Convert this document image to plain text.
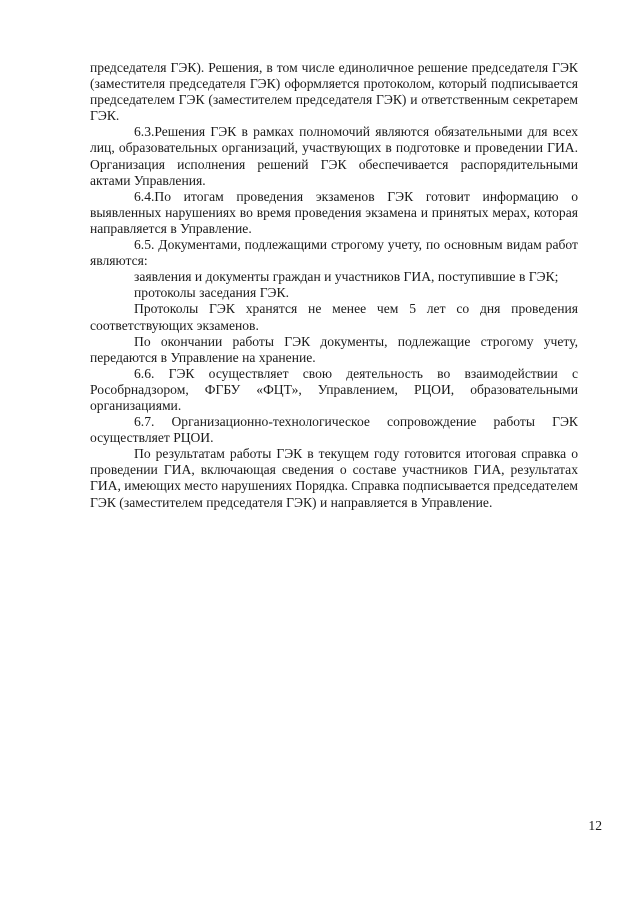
председателя ГЭК). Решения, в том числе единоличное решение председателя ГЭК (заместителя председателя ГЭК) оформляется протоколом, который подписывается председателем ГЭК (заместителем председателя ГЭК) и ответственным секретарем ГЭК.

6.3.Решения ГЭК в рамках полномочий являются обязательными для всех лиц, образовательных организаций, участвующих в подготовке и проведении ГИА. Организация исполнения решений ГЭК обеспечивается распорядительными актами Управления.

6.4.По итогам проведения экзаменов ГЭК готовит информацию о выявленных нарушениях во время проведения экзамена и принятых мерах, которая направляется в Управление.

6.5. Документами, подлежащими строгому учету, по основным видам работ являются:

заявления и документы граждан и участников ГИА, поступившие в ГЭК;

протоколы заседания ГЭК.

Протоколы ГЭК хранятся не менее чем 5 лет со дня проведения соответствующих экзаменов.

По окончании работы ГЭК документы, подлежащие строгому учету, передаются в Управление на хранение.

6.6. ГЭК осуществляет свою деятельность во взаимодействии с Рособрнадзором, ФГБУ «ФЦТ», Управлением, РЦОИ, образовательными организациями.

6.7. Организационно-технологическое сопровождение работы ГЭК осуществляет РЦОИ.

По результатам работы ГЭК в текущем году готовится итоговая справка о проведении ГИА, включающая сведения о составе участников ГИА, результатах ГИА, имеющих место нарушениях Порядка. Справка подписывается председателем ГЭК (заместителем председателя ГЭК) и направляется в Управление.

12
